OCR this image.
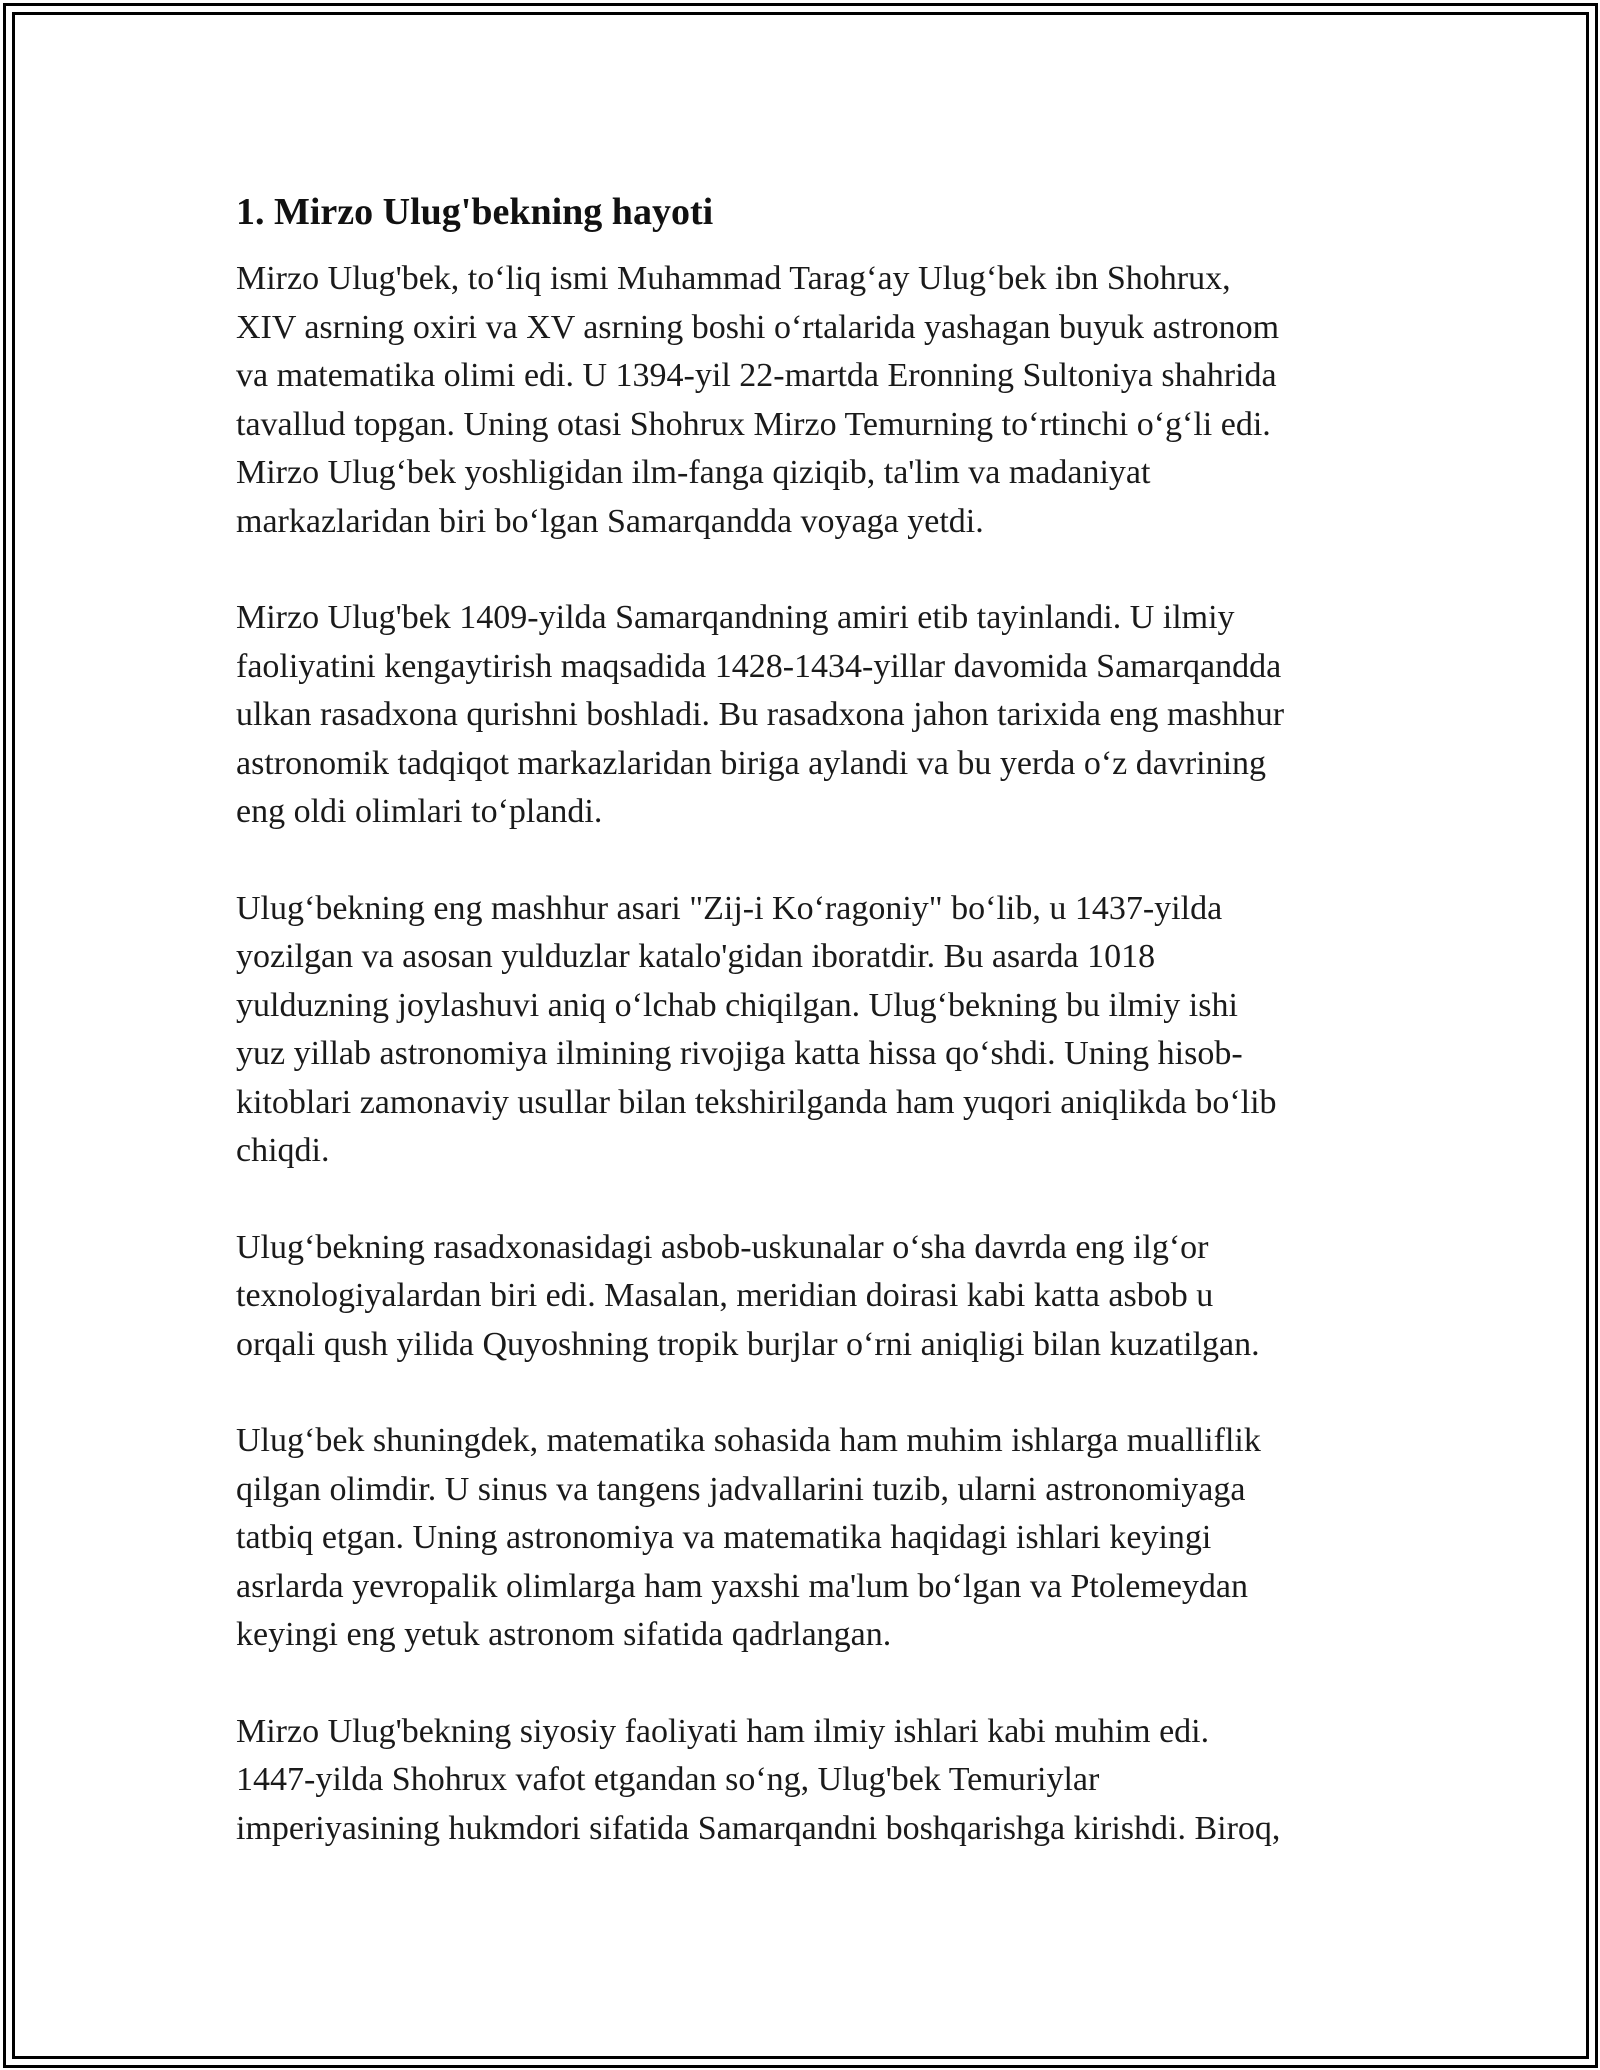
1. Mirzo Ulug'bekning hayoti
Mirzo Ulug'bek, to‘liq ismi Muhammad Tarag‘ay Ulug‘bek ibn Shohrux,
XIV asrning oxiri va XV asrning boshi o‘rtalarida yashagan buyuk astronom
va matematika olimi edi. U 1394-yil 22-martda Eronning Sultoniya shahrida
tavallud topgan. Uning otasi Shohrux Mirzo Temurning to‘rtinchi o‘g‘li edi.
Mirzo Ulug‘bek yoshligidan ilm-fanga qiziqib, ta'lim va madaniyat
markazlaridan biri bo‘lgan Samarqandda voyaga yetdi.
Mirzo Ulug'bek 1409-yilda Samarqandning amiri etib tayinlandi. U ilmiy
faoliyatini kengaytirish maqsadida 1428-1434-yillar davomida Samarqandda
ulkan rasadxona qurishni boshladi. Bu rasadxona jahon tarixida eng mashhur
astronomik tadqiqot markazlaridan biriga aylandi va bu yerda o‘z davrining
eng oldi olimlari to‘plandi.
Ulug‘bekning eng mashhur asari "Zij-i Ko‘ragoniy" bo‘lib, u 1437-yilda
yozilgan va asosan yulduzlar katalo'gidan iboratdir. Bu asarda 1018
yulduzning joylashuvi aniq o‘lchab chiqilgan. Ulug‘bekning bu ilmiy ishi
yuz yillab astronomiya ilmining rivojiga katta hissa qo‘shdi. Uning hisob-
kitoblari zamonaviy usullar bilan tekshirilganda ham yuqori aniqlikda bo‘lib
chiqdi.
Ulug‘bekning rasadxonasidagi asbob-uskunalar o‘sha davrda eng ilg‘or
texnologiyalardan biri edi. Masalan, meridian doirasi kabi katta asbob u
orqali qush yilida Quyoshning tropik burjlar o‘rni aniqligi bilan kuzatilgan.
Ulug‘bek shuningdek, matematika sohasida ham muhim ishlarga mualliflik
qilgan olimdir. U sinus va tangens jadvallarini tuzib, ularni astronomiyaga
tatbiq etgan. Uning astronomiya va matematika haqidagi ishlari keyingi
asrlarda yevropalik olimlarga ham yaxshi ma'lum bo‘lgan va Ptolemeydan
keyingi eng yetuk astronom sifatida qadrlangan.
Mirzo Ulug'bekning siyosiy faoliyati ham ilmiy ishlari kabi muhim edi.
1447-yilda Shohrux vafot etgandan so‘ng, Ulug'bek Temuriylar
imperiyasining hukmdori sifatida Samarqandni boshqarishga kirishdi. Biroq,
